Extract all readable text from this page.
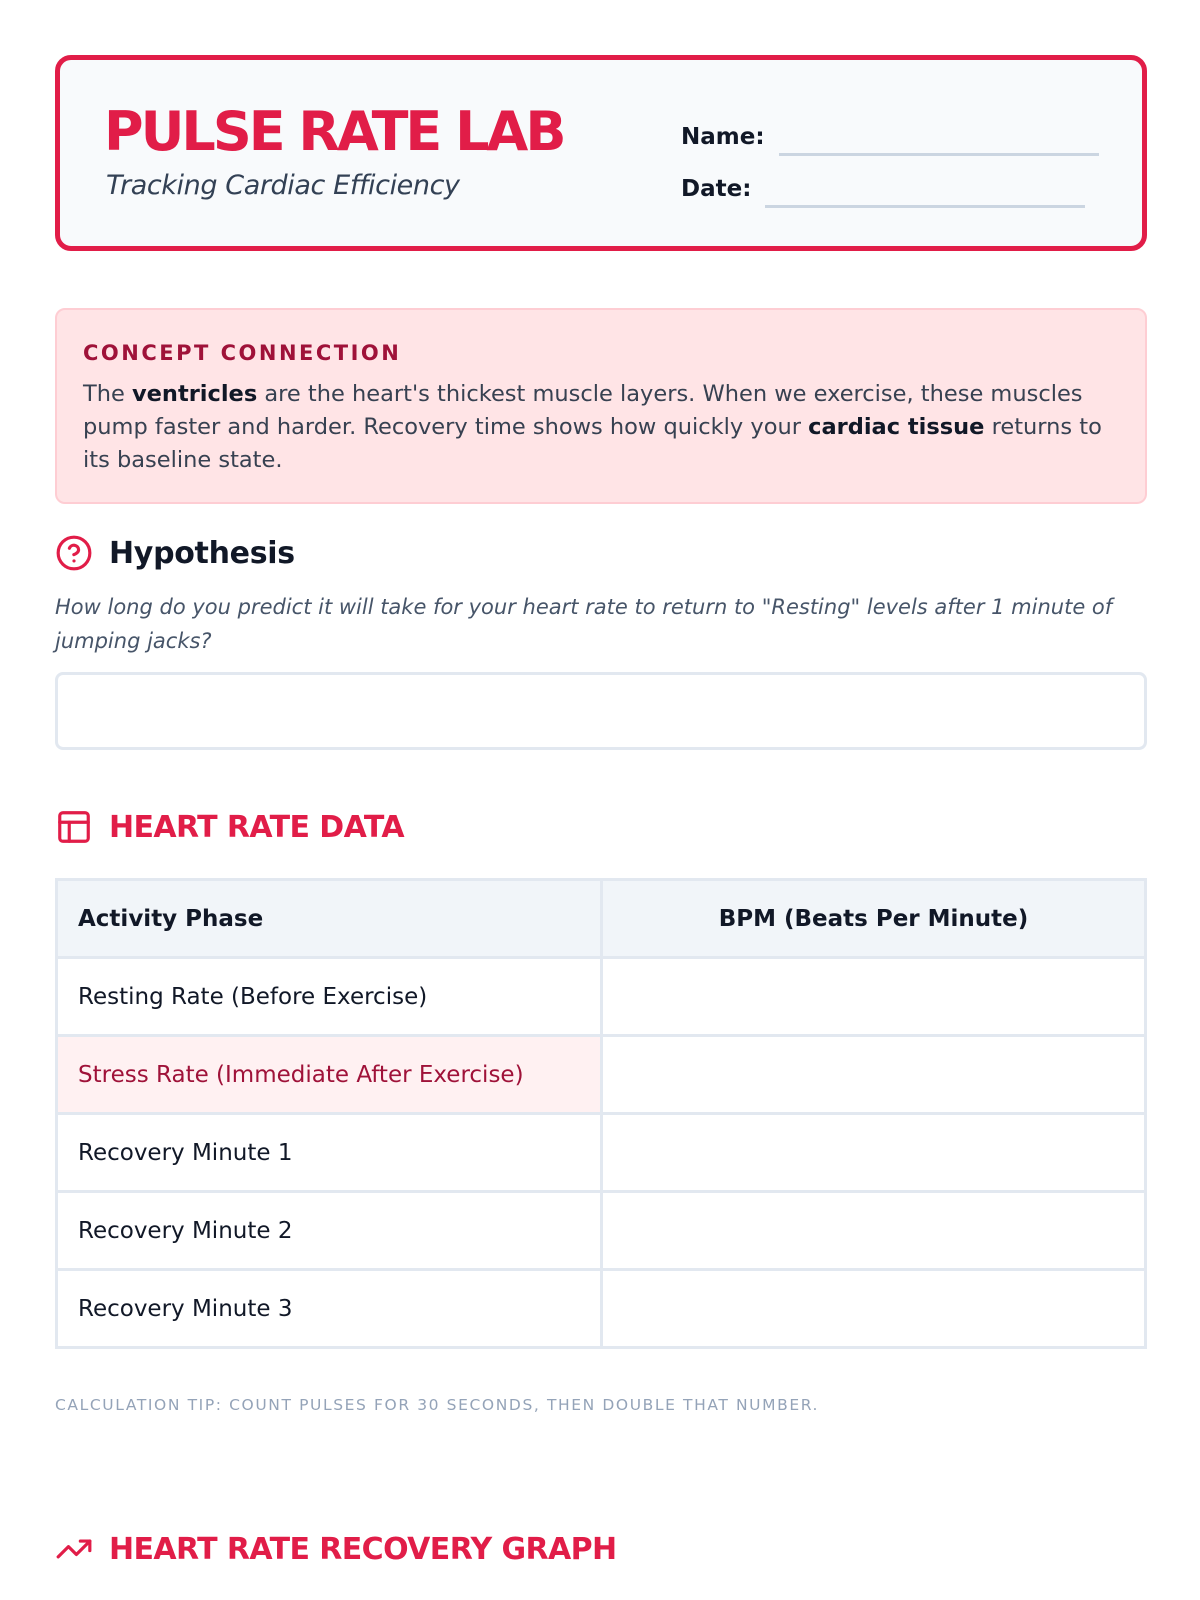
PULSE RATE LAB

Tracking Cardiac Efficiency

Name:
Date:

CONCEPT CONNECTION

The ventricles are the heart's thickest muscle layers. When we exercise, these muscles pump faster and harder. Recovery time shows how quickly your cardiac tissue returns to its baseline state.

Hypothesis

How long do you predict it will take for your heart rate to return to "Resting" levels after 1 minute of jumping jacks?

HEART RATE DATA
Activity Phase	BPM (Beats Per Minute)
Resting Rate (Before Exercise)	
Stress Rate (Immediate After Exercise)	
Recovery Minute 1	
Recovery Minute 2	
Recovery Minute 3	

CALCULATION TIP: COUNT PULSES FOR 30 SECONDS, THEN DOUBLE THAT NUMBER.

HEART RATE RECOVERY GRAPH
